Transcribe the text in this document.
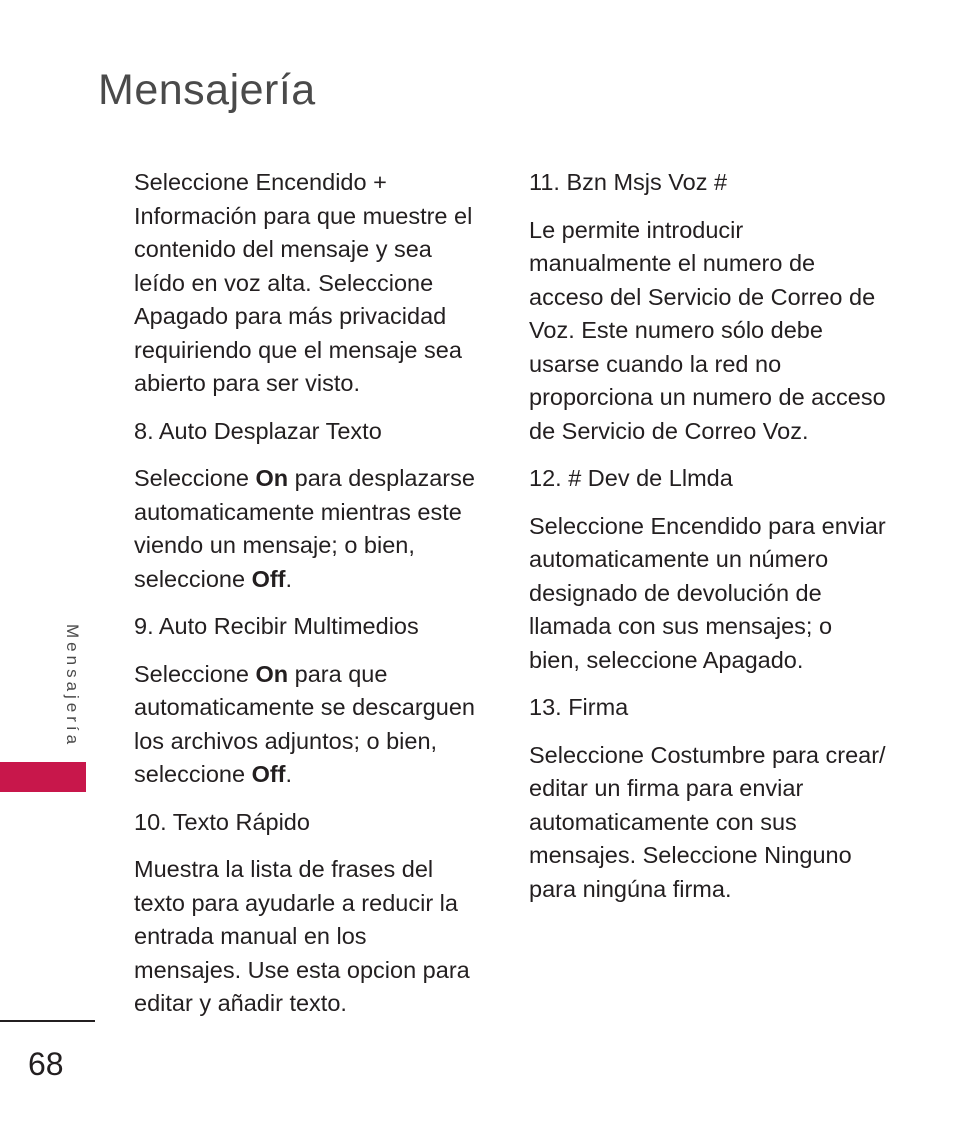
Mensajería

Seleccione Encendido + Información para que muestre el contenido del mensaje y sea leído en voz alta. Seleccione Apagado para más privacidad requiriendo que el mensaje sea abierto para ser visto.

8. Auto Desplazar Texto

Seleccione On para desplazarse automaticamente mientras este viendo un mensaje; o bien, seleccione Off.

9. Auto Recibir Multimedios

Seleccione On para que automaticamente se descarguen los archivos adjuntos; o bien, seleccione Off.

10. Texto Rápido

Muestra la lista de frases del texto para ayudarle a reducir la entrada manual en los mensajes. Use esta opcion para editar y añadir texto.

11. Bzn Msjs Voz #

Le permite introducir manualmente el numero de acceso del Servicio de Correo de Voz. Este numero sólo debe usarse cuando la red no proporciona un numero de acceso de Servicio de Correo Voz.

12. # Dev de Llmda

Seleccione Encendido para enviar automaticamente un número designado de devolución de llamada con sus mensajes; o bien, seleccione Apagado.

13. Firma

Seleccione Costumbre para crear/ editar un firma para enviar automaticamente con sus mensajes. Seleccione Ninguno para ningúna firma.

Mensajería
68
